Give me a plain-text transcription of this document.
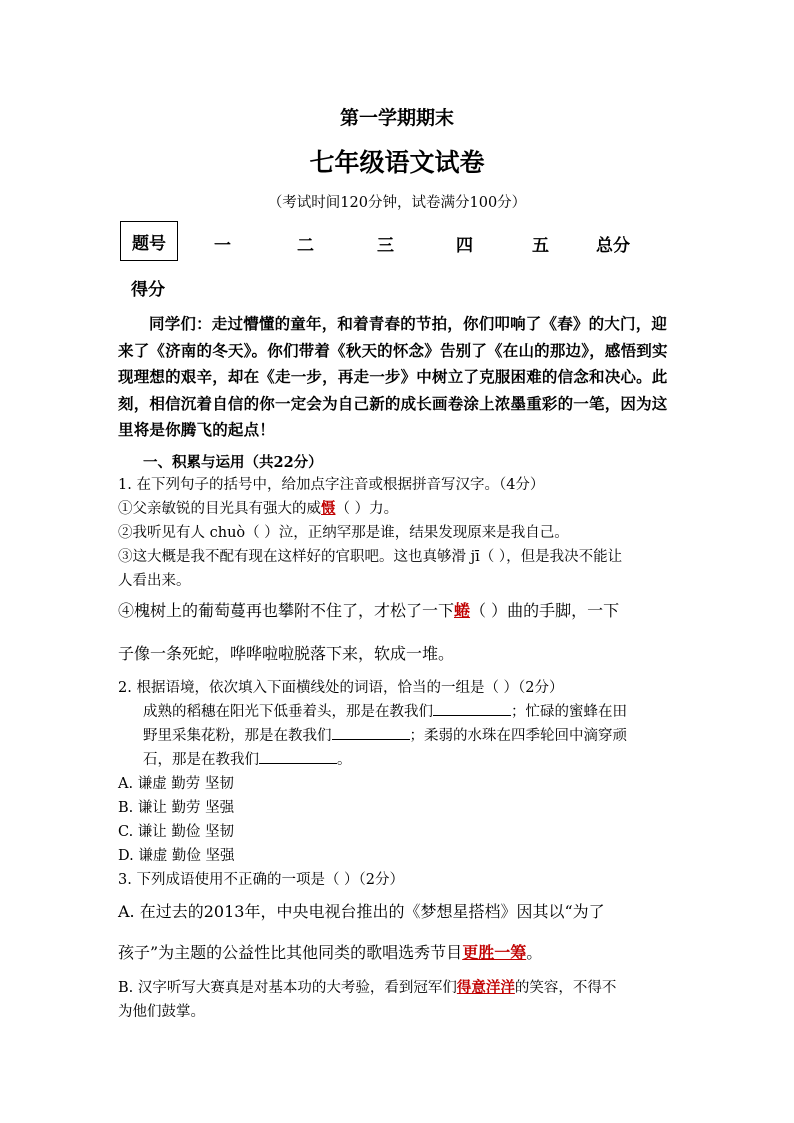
第一学期期末
七年级语文试卷
（考试时间120分钟，试卷满分100分）
题号	一	二	三	四	五	总分
得分
同学们：走过懵懂的童年，和着青春的节拍，你们叩响了《春》的大门，迎来了《济南的冬天》。你们带着《秋天的怀念》告别了《在山的那边》，感悟到实现理想的艰辛，却在《走一步，再走一步》中树立了克服困难的信念和决心。此刻，相信沉着自信的你一定会为自己新的成长画卷涂上浓墨重彩的一笔，因为这里将是你腾飞的起点！
一、积累与运用（共22分）
1. 在下列句子的括号中，给加点字注音或根据拼音写汉字。（4分）
①父亲敏锐的目光具有强大的威慑（ ）力。
②我听见有人 chuò（ ）泣，正纳罕那是谁，结果发现原来是我自己。
③这大概是我不配有现在这样好的官职吧。这也真够滑 jī（ ），但是我决不能让
人看出来。
④槐树上的葡萄蔓再也攀附不住了，才松了一下蜷（ ）曲的手脚，一下
子像一条死蛇，哗哗啦啦脱落下来，软成一堆。
2. 根据语境，依次填入下面横线处的词语，恰当的一组是（ ）（2分）
成熟的稻穗在阳光下低垂着头，那是在教我们	；忙碌的蜜蜂在田
野里采集花粉，那是在教我们	；柔弱的水珠在四季轮回中滴穿顽
石，那是在教我们	。
A. 谦虚 勤劳 坚韧
B. 谦让 勤劳 坚强
C. 谦让 勤俭 坚韧
D. 谦虚 勤俭 坚强
3. 下列成语使用不正确的一项是（ ）（2分）
A. 在过去的2013年，中央电视台推出的《梦想星搭档》因其以“为了
孩子”为主题的公益性比其他同类的歌唱选秀节目更胜一筹。
B. 汉字听写大赛真是对基本功的大考验，看到冠军们得意洋洋的笑容，不得不
为他们鼓掌。
